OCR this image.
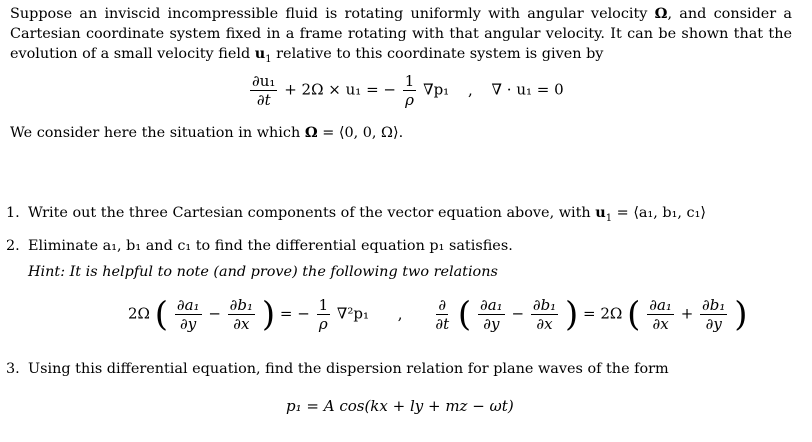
Suppose an inviscid incompressible fluid is rotating uniformly with angular velocity Ω, and consider a Cartesian coordinate system fixed in a frame rotating with that angular velocity. It can be shown that the evolution of a small velocity field $u_1$ relative to this coordinate system is given by
$\frac{\text{∂u₁}}{\partial t} + 2\Omega \times u_1$ = − $\frac{1}{\rho} \nabla p_1$ , ∇ · u₁ = 0
We consider here the situation in which Ω = ⟨0, 0, Ω⟩.
1. Write out the three Cartesian components of the vector equation above, with $u_1$ = ⟨a₁, b₁, c₁⟩
2. Eliminate a₁, b₁ and c₁ to find the differential equation p₁ satisfies.
Hint: It is helpful to note (and prove) the following two relations
2Ω ( $\frac{\text{∂a₁}}{\partial y} - \frac{\text{∂b₁}}{\partial x}$ ) = − $\frac{1}{\rho} \nabla^2p_1$ , $\frac{\partial}{\partial t}$ ( $\frac{\text{∂a₁}}{\partial y} - \frac{\text{∂b₁}}{\partial x}$ ) = 2Ω ( $\frac{\text{∂a₁}}{\partial x} + \frac{\text{∂b₁}}{\partial y}$ )
3. Using this differential equation, find the dispersion relation for plane waves of the form
p₁ = A cos(kx + ly + mz − ωt)
